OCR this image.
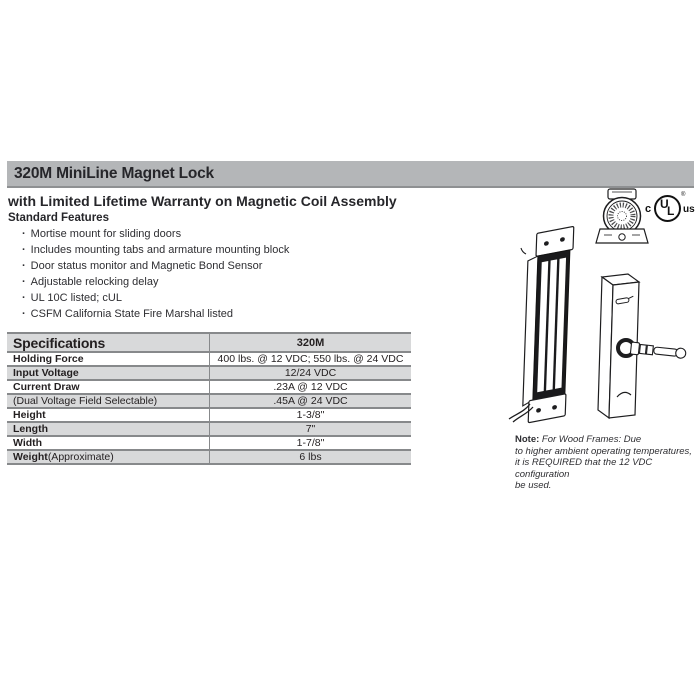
320M MiniLine Magnet Lock
with Limited Lifetime Warranty on Magnetic Coil Assembly
Standard Features
· Mortise mount for sliding doors
· Includes mounting tabs and armature mounting block
· Door status monitor and Magnetic Bond Sensor
· Adjustable relocking delay
· UL 10C listed; cUL
· CSFM California State Fire Marshal listed
Specifications	320M
Holding Force	400 lbs. @ 12 VDC; 550 lbs. @ 24 VDC
Input Voltage	12/24 VDC
Current Draw	.23A @ 12 VDC
(Dual Voltage Field Selectable)	.45A @ 24 VDC
Height	1-3/8"
Length	7"
Width	1-7/8"
Weight (Approximate)	6 lbs
Note: For Wood Frames: Due
to higher ambient operating temperatures,
it is REQUIRED that the 12 VDC configuration
be used.
c U
L
®
us
